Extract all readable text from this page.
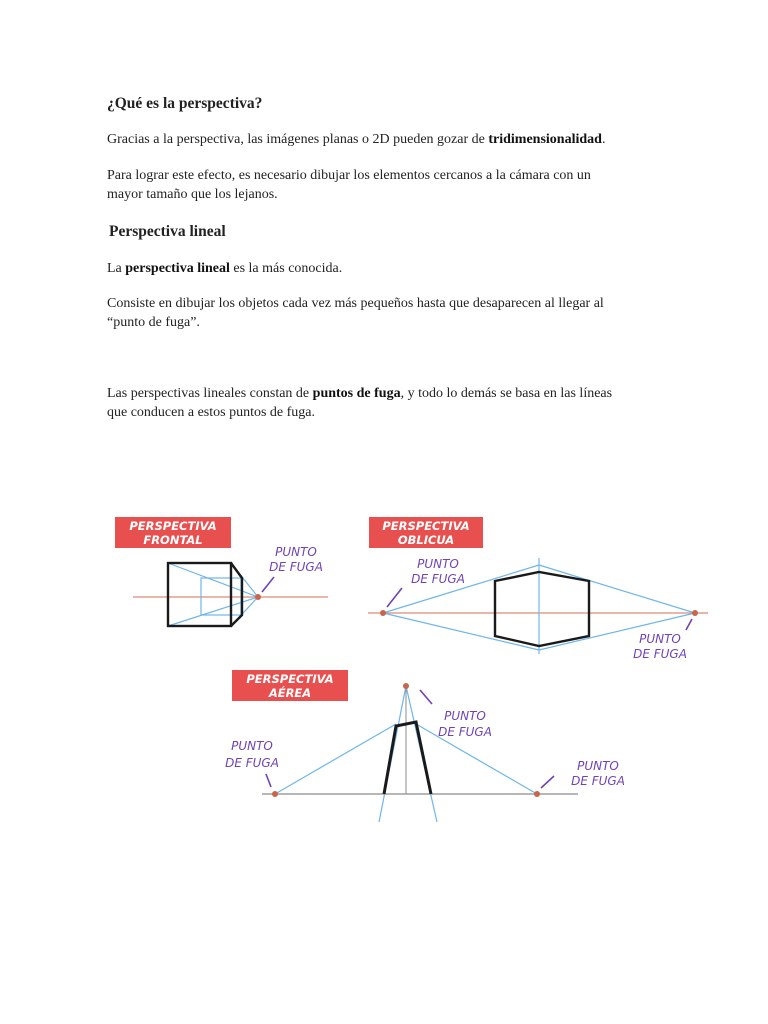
¿Qué es la perspectiva?
Gracias a la perspectiva, las imágenes planas o 2D pueden gozar de tridimensionalidad.
Para lograr este efecto, es necesario dibujar los elementos cercanos a la cámara con un
mayor tamaño que los lejanos.
Perspectiva lineal
La perspectiva lineal es la más conocida.
Consiste en dibujar los objetos cada vez más pequeños hasta que desaparecen al llegar al
“punto de fuga”.
Las perspectivas lineales constan de puntos de fuga, y todo lo demás se basa en las líneas
que conducen a estos puntos de fuga.
PERSPECTIVA
FRONTAL
PUNTO
DE FUGA
PERSPECTIVA
OBLICUA
PUNTO
DE FUGA
PUNTO
DE FUGA
PERSPECTIVA
AÉREA
PUNTO
DE FUGA
PUNTO
DE FUGA	PUNTO
DE FUGA
